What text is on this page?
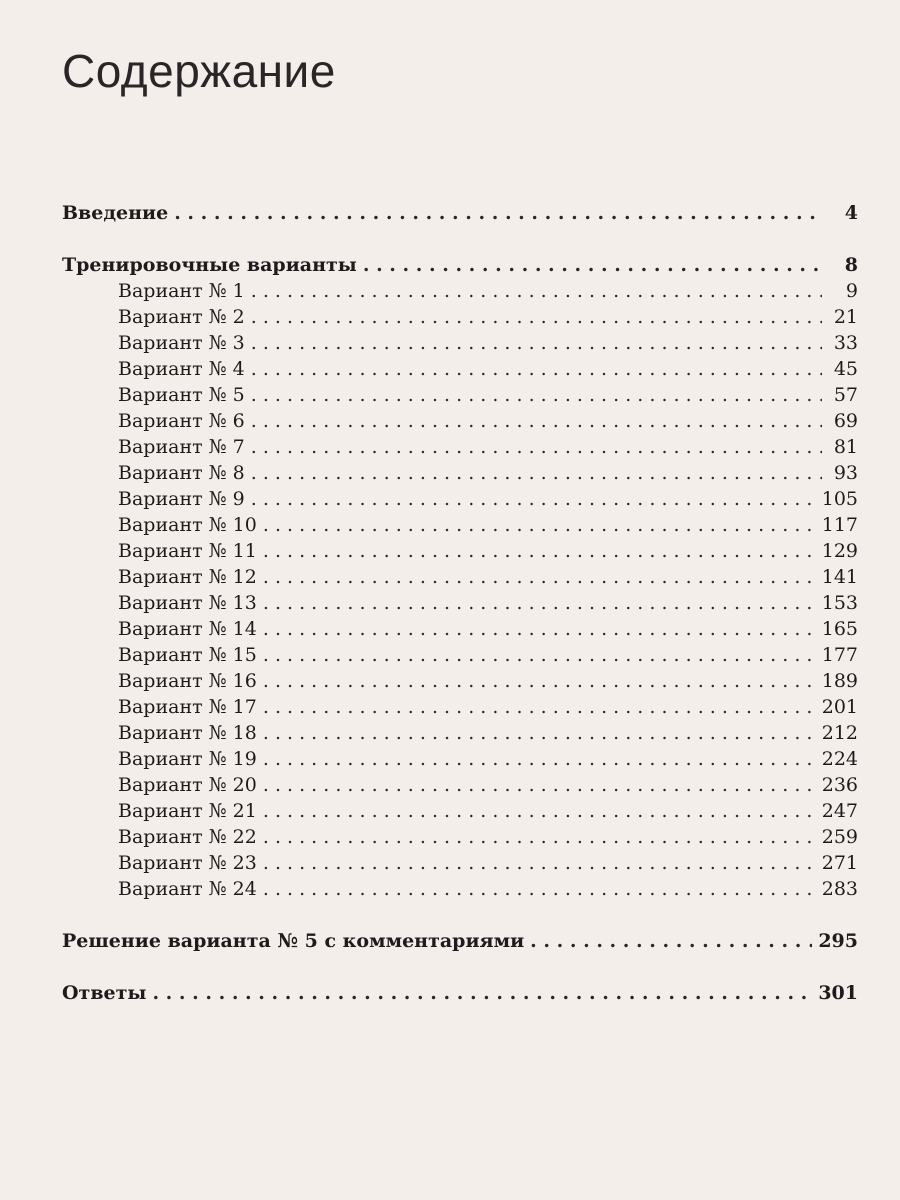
Содержание
Введение . . .	4
Тренировочные варианты . . .	8
Вариант № 1 . . .	9
Вариант № 2 . . .	21
Вариант № 3 . . .	33
Вариант № 4 . . .	45
Вариант № 5 . . .	57
Вариант № 6 . . .	69
Вариант № 7 . . .	81
Вариант № 8 . . .	93
Вариант № 9 . . .	105
Вариант № 10 . . .	117
Вариант № 11 . . .	129
Вариант № 12 . . .	141
Вариант № 13 . . .	153
Вариант № 14 . . .	165
Вариант № 15 . . .	177
Вариант № 16 . . .	189
Вариант № 17 . . .	201
Вариант № 18 . . .	212
Вариант № 19 . . .	224
Вариант № 20 . . .	236
Вариант № 21 . . .	247
Вариант № 22 . . .	259
Вариант № 23 . . .	271
Вариант № 24 . . .	283
Решение варианта № 5 с комментариями . . .	295
Ответы . . .	301
